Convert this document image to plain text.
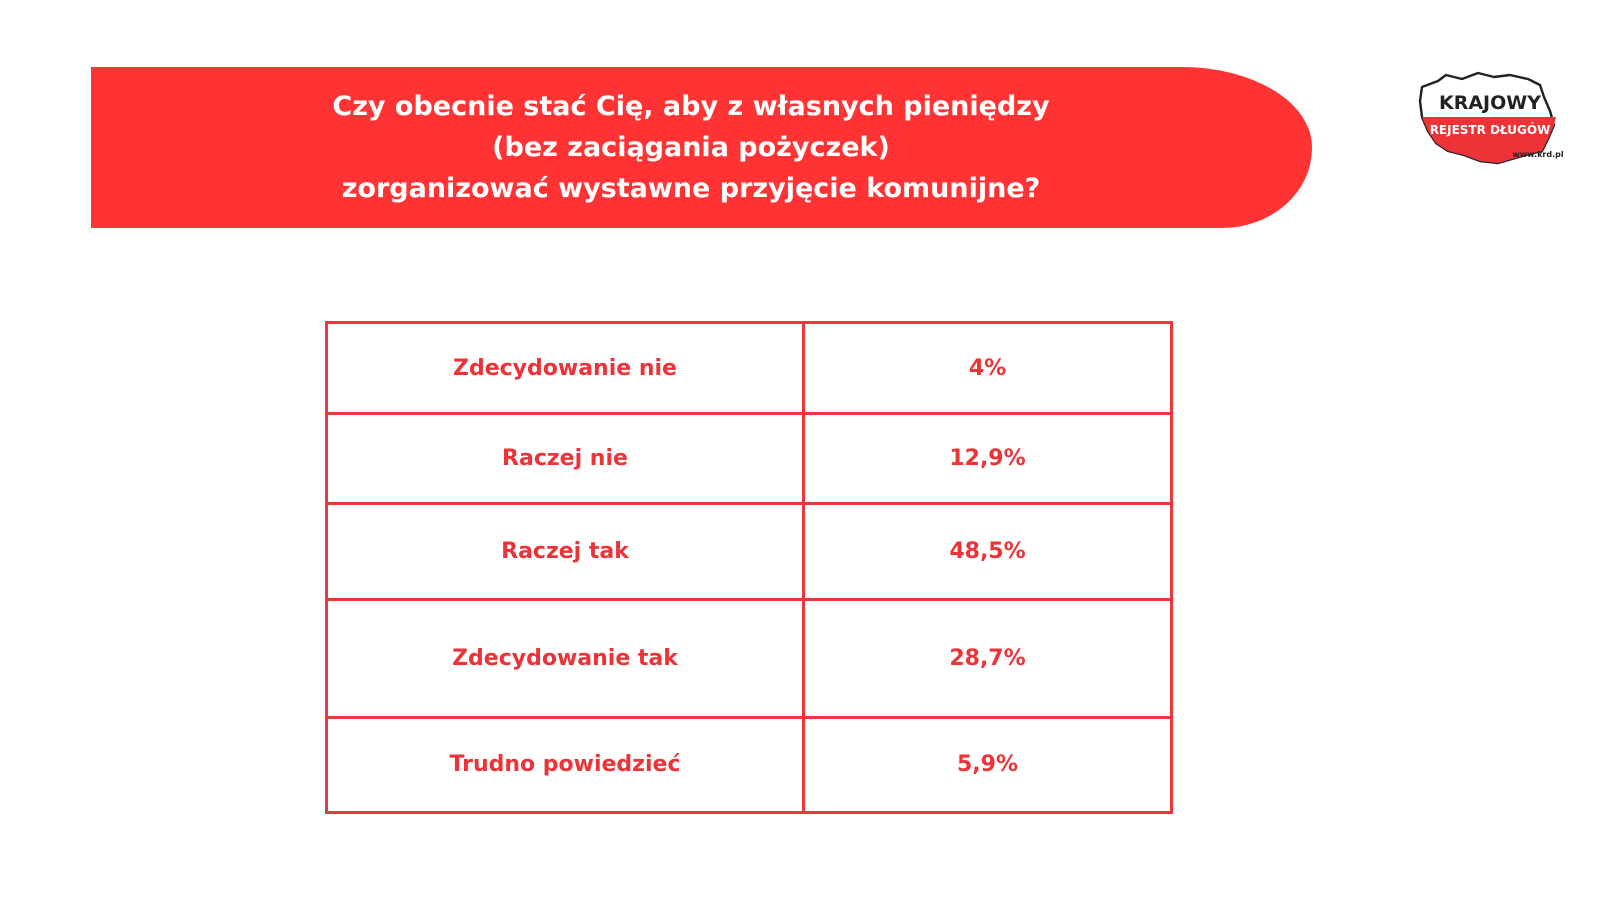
Czy obecnie stać Cię, aby z własnych pieniędzy
(bez zaciągania pożyczek)
zorganizować wystawne przyjęcie komunijne?
KRAJOWY
REJESTR DŁUGÓW
www.krd.pl
Zdecydowanie nie	4%
Raczej nie	12,9%
Raczej tak	48,5%
Zdecydowanie tak	28,7%
Trudno powiedzieć	5,9%
